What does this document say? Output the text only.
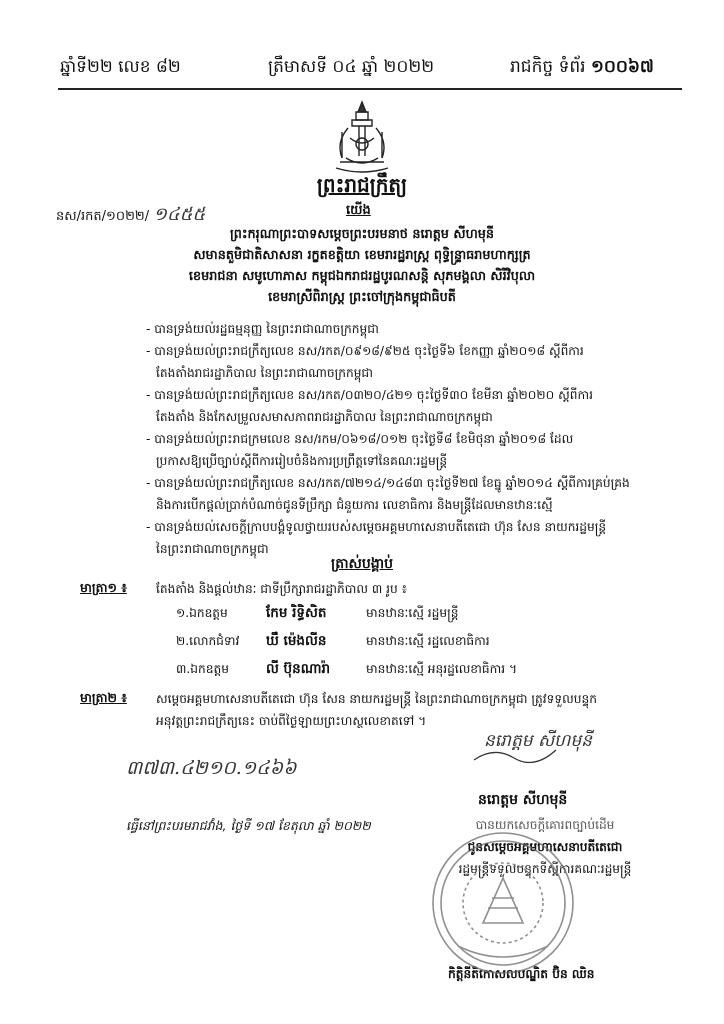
ឆ្នាំទី២២ លេខ ៨២	ត្រឹមាសទី ០៤ ឆ្នាំ ២០២២	រាជកិច្ច ទំព័រ ១០០៦៧
ព្រះរាជក្រឹត្យ
នស/រកត/១០២២/ ១៤៥៥	យើង
ព្រះករុណាព្រះបាទសម្ដេចព្រះបរមនាថ នរោត្តម សីហមុនី
សមានតួមិជាតិសាសនា រក្ខតខត្តិយា ខេមរារដ្ឋរាស្ត្រ ពុទ្ធិន្ទ្រាធរាមហាក្សត្រ
ខេមរាជនា សមូហោភាស កម្ពុជឯករាជរដ្ឋបូរណសន្តិ សុភមង្គលា សិរីវិបុលា
ខេមរាស្រីពិរាស្ត្រ ព្រះចៅក្រុងកម្ពុជាធិបតី
- បានទ្រង់យល់រដ្ឋធម្មនុញ្ញ នៃព្រះរាជាណាចក្រកម្ពុជា
- បានទ្រង់យល់ព្រះរាជក្រឹត្យលេខ នស/រកត/០៩១៨/៩២៥ ចុះថ្ងៃទី៦ ខែកញ្ញា ឆ្នាំ២០១៨ ស្ដីពីការ
តែងតាំងរាជរដ្ឋាភិបាល នៃព្រះរាជាណាចក្រកម្ពុជា
- បានទ្រង់យល់ព្រះរាជក្រឹត្យលេខ នស/រកត/០៣២០/៤២១ ចុះថ្ងៃទី៣០ ខែមីនា ឆ្នាំ២០២០ ស្ដីពីការ
តែងតាំង និងកែសម្រួលសមាសភាពរាជរដ្ឋាភិបាល នៃព្រះរាជាណាចក្រកម្ពុជា
- បានទ្រង់យល់ព្រះរាជក្រមលេខ នស/រកម/០៦១៨/០១២ ចុះថ្ងៃទី៨ ខែមិថុនា ឆ្នាំ២០១៨ ដែល
ប្រកាសឱ្យប្រើច្បាប់ស្ដីពីការរៀបចំនិងការប្រព្រឹត្តទៅនៃគណៈរដ្ឋមន្ត្រី
- បានទ្រង់យល់ព្រះរាជក្រឹត្យលេខ នស/រកត/៧២១៤/១៤៨៣ ចុះថ្ងៃទី២៧ ខែធ្នូ ឆ្នាំ២០១៤ ស្ដីពីការគ្រប់គ្រង
និងការបើកផ្ដល់ប្រាក់បំណាច់ជូនទីប្រឹក្សា ជំនួយការ លេខាធិការ និងមន្ត្រីដែលមានឋានៈស្មើ
- បានទ្រង់យល់សេចក្ដីក្រាបបង្គំទូលថ្វាយរបស់សម្ដេចអគ្គមហាសេនាបតីតេជោ ហ៊ុន សែន នាយករដ្ឋមន្ត្រី
នៃព្រះរាជាណាចក្រកម្ពុជា
ត្រាស់បង្គាប់
មាត្រា១ ៖ តែងតាំង និងផ្ដល់ឋានៈ ជាទីប្រឹក្សារាជរដ្ឋាភិបាល ៣ រូប ៖
១.ឯកឧត្តម	កែម រិទ្ធិសិត	មានឋានៈស្មើ រដ្ឋមន្ត្រី
២.លោកជំទាវ ឃឹ ម៉េងលីន	មានឋានៈស្មើ រដ្ឋលេខាធិការ
៣.ឯកឧត្តម	លី ប៊ុនណារ៉ា	មានឋានៈស្មើ អនុរដ្ឋលេខាធិការ ។
មាត្រា២ ៖ សម្ដេចអគ្គមហាសេនាបតីតេជោ ហ៊ុន សែន នាយករដ្ឋមន្ត្រី នៃព្រះរាជាណាចក្រកម្ពុជា ត្រូវទទួលបន្ទុក
អនុវត្តព្រះរាជក្រឹត្យនេះ ចាប់ពីថ្ងៃឡាយព្រះហស្ថលេខាតទៅ ។
៣៧៣.៤២១០.១៤៦៦
នរោត្តម សីហមុនី
នរោត្តម សីហមុនី
ធ្វើនៅព្រះបរមរាជវាំង, ថ្ងៃទី ១៧ ខែតុលា ឆ្នាំ ២០២២	បានយកសេចក្ដីគោរពច្បាប់ដើម
ជូនសម្ដេចអគ្គមហាសេនាបតីតេជោ
រដ្ឋមន្ត្រីទទួលបន្ទុកទីស្ដីការគណៈរដ្ឋមន្ត្រី
កិត្តិនីតិកោសលបណ្ឌិត ប៊ិន ឈិន
